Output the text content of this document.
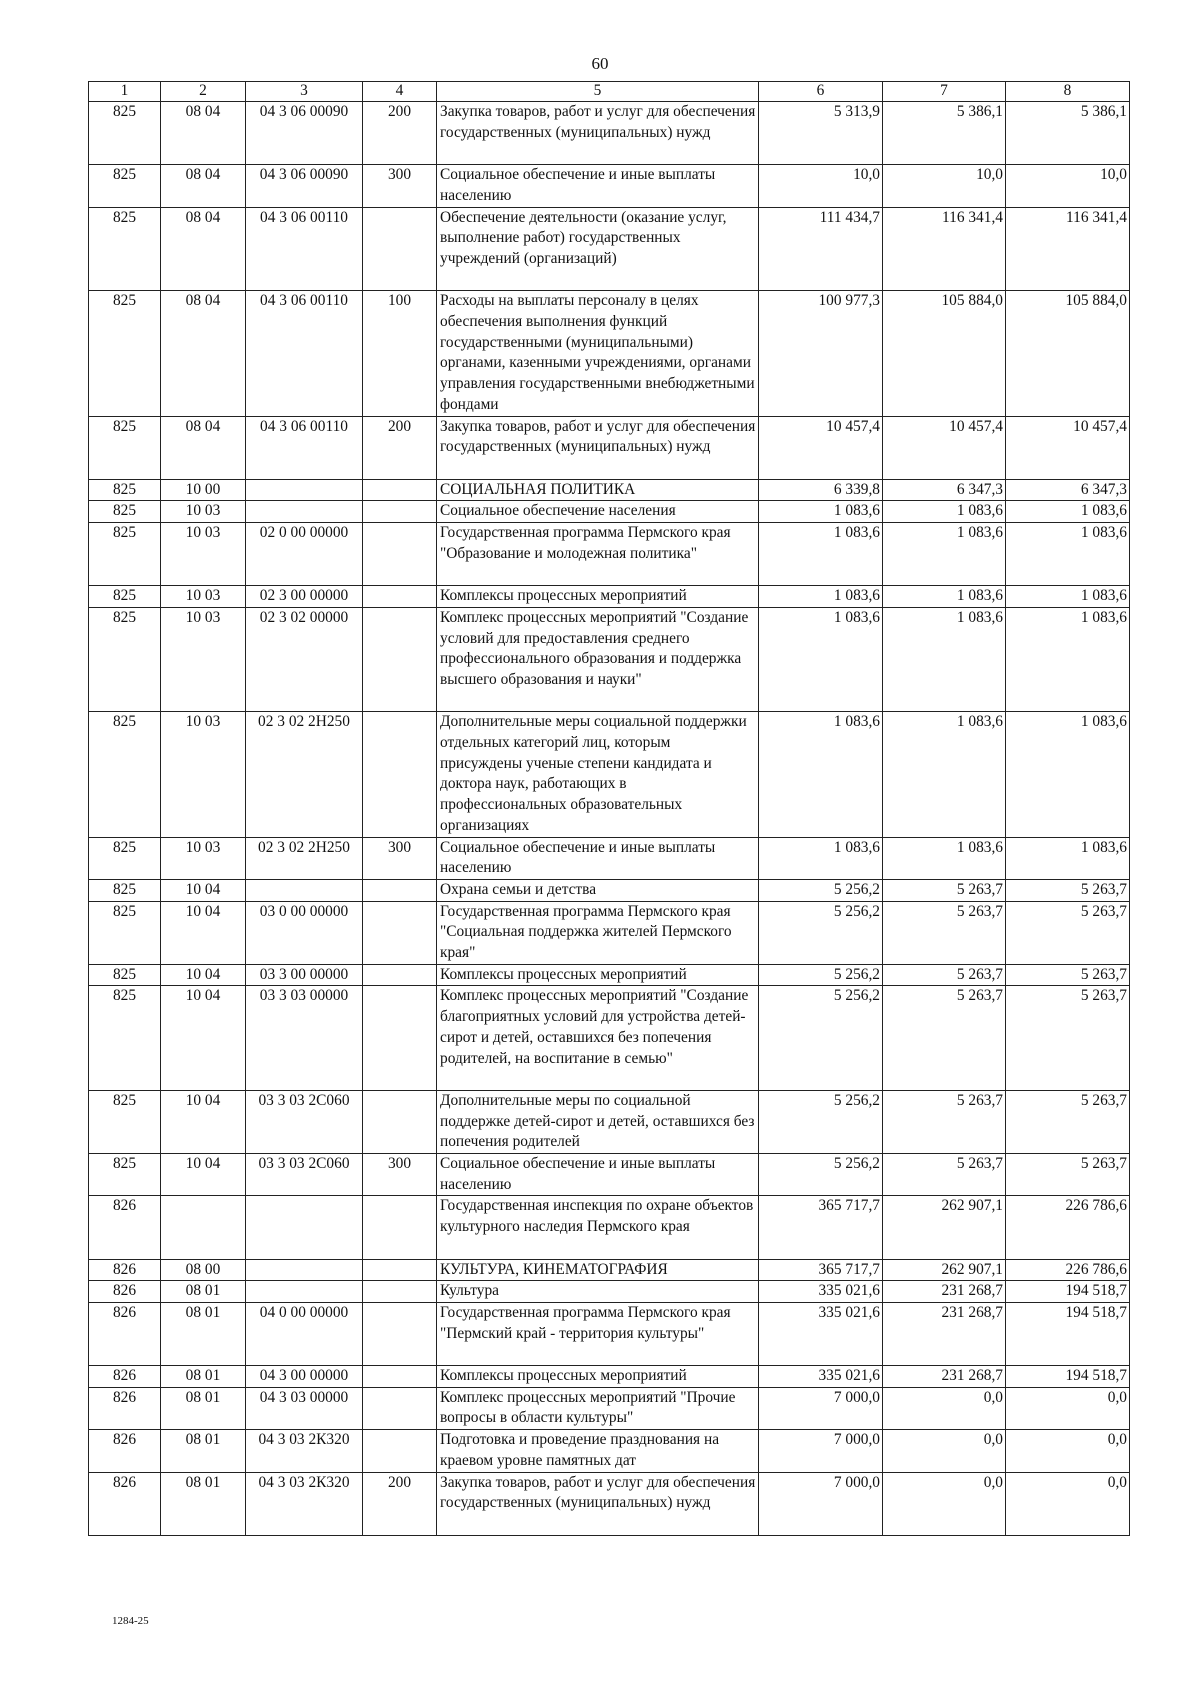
60
1	2	3	4	5	6	7	8
825	08 04	04 3 06 00090	200	Закупка товаров, работ и услуг для обеспечения государственных (муниципальных) нужд	5 313,9	5 386,1	5 386,1
825	08 04	04 3 06 00090	300	Социальное обеспечение и иные выплаты населению	10,0	10,0	10,0
825	08 04	04 3 06 00110		Обеспечение деятельности (оказание услуг, выполнение работ) государственных учреждений (организаций)	111 434,7	116 341,4	116 341,4
825	08 04	04 3 06 00110	100	Расходы на выплаты персоналу в целях обеспечения выполнения функций государственными (муниципальными) органами, казенными учреждениями, органами управления государственными внебюджетными фондами	100 977,3	105 884,0	105 884,0
825	08 04	04 3 06 00110	200	Закупка товаров, работ и услуг для обеспечения государственных (муниципальных) нужд	10 457,4	10 457,4	10 457,4
825	10 00			СОЦИАЛЬНАЯ ПОЛИТИКА	6 339,8	6 347,3	6 347,3
825	10 03			Социальное обеспечение населения	1 083,6	1 083,6	1 083,6
825	10 03	02 0 00 00000		Государственная программа Пермского края "Образование и молодежная политика"	1 083,6	1 083,6	1 083,6
825	10 03	02 3 00 00000		Комплексы процессных мероприятий	1 083,6	1 083,6	1 083,6
825	10 03	02 3 02 00000		Комплекс процессных мероприятий "Создание условий для предоставления среднего профессионального образования и поддержка высшего образования и науки"	1 083,6	1 083,6	1 083,6
825	10 03	02 3 02 2Н250		Дополнительные меры социальной поддержки отдельных категорий лиц, которым присуждены ученые степени кандидата и доктора наук, работающих в профессиональных образовательных организациях	1 083,6	1 083,6	1 083,6
825	10 03	02 3 02 2Н250	300	Социальное обеспечение и иные выплаты населению	1 083,6	1 083,6	1 083,6
825	10 04			Охрана семьи и детства	5 256,2	5 263,7	5 263,7
825	10 04	03 0 00 00000		Государственная программа Пермского края "Социальная поддержка жителей Пермского края"	5 256,2	5 263,7	5 263,7
825	10 04	03 3 00 00000		Комплексы процессных мероприятий	5 256,2	5 263,7	5 263,7
825	10 04	03 3 03 00000		Комплекс процессных мероприятий "Создание благоприятных условий для устройства детей-сирот и детей, оставшихся без попечения родителей, на воспитание в семью"	5 256,2	5 263,7	5 263,7
825	10 04	03 3 03 2С060		Дополнительные меры по социальной поддержке детей-сирот и детей, оставшихся без попечения родителей	5 256,2	5 263,7	5 263,7
825	10 04	03 3 03 2С060	300	Социальное обеспечение и иные выплаты населению	5 256,2	5 263,7	5 263,7
826				Государственная инспекция по охране объектов культурного наследия Пермского края	365 717,7	262 907,1	226 786,6
826	08 00			КУЛЬТУРА, КИНЕМАТОГРАФИЯ	365 717,7	262 907,1	226 786,6
826	08 01			Культура	335 021,6	231 268,7	194 518,7
826	08 01	04 0 00 00000		Государственная программа Пермского края "Пермский край - территория культуры"	335 021,6	231 268,7	194 518,7
826	08 01	04 3 00 00000		Комплексы процессных мероприятий	335 021,6	231 268,7	194 518,7
826	08 01	04 3 03 00000		Комплекс процессных мероприятий "Прочие вопросы в области культуры"	7 000,0	0,0	0,0
826	08 01	04 3 03 2К320		Подготовка и проведение празднования на краевом уровне памятных дат	7 000,0	0,0	0,0
826	08 01	04 3 03 2К320	200	Закупка товаров, работ и услуг для обеспечения государственных (муниципальных) нужд	7 000,0	0,0	0,0
1284-25
